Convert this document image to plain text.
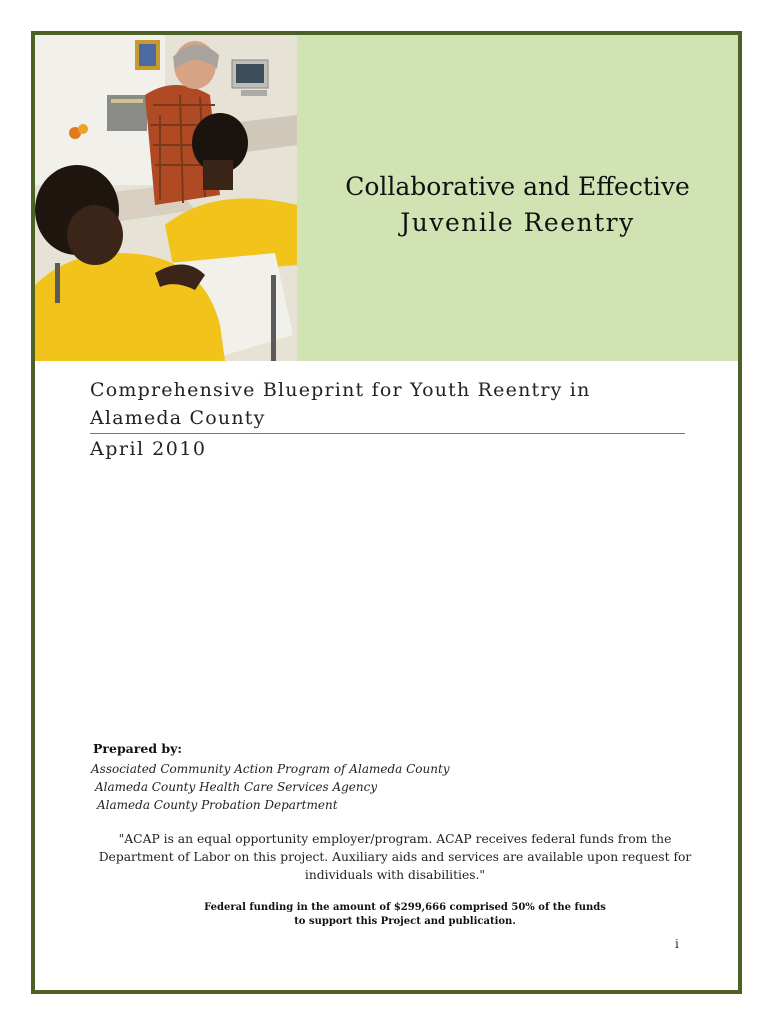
Collaborative and Effective
Juvenile Reentry
Comprehensive Blueprint for Youth Reentry in Alameda County
April 2010
Prepared by:
Associated Community Action Program of Alameda County
Alameda County Health Care Services Agency
Alameda County Probation Department
"ACAP is an equal opportunity employer/program. ACAP receives federal funds from the Department of Labor on this project. Auxiliary aids and services are available upon request for individuals with disabilities."
Federal funding in the amount of $299,666 comprised 50% of the funds
to support this Project and publication.
i
